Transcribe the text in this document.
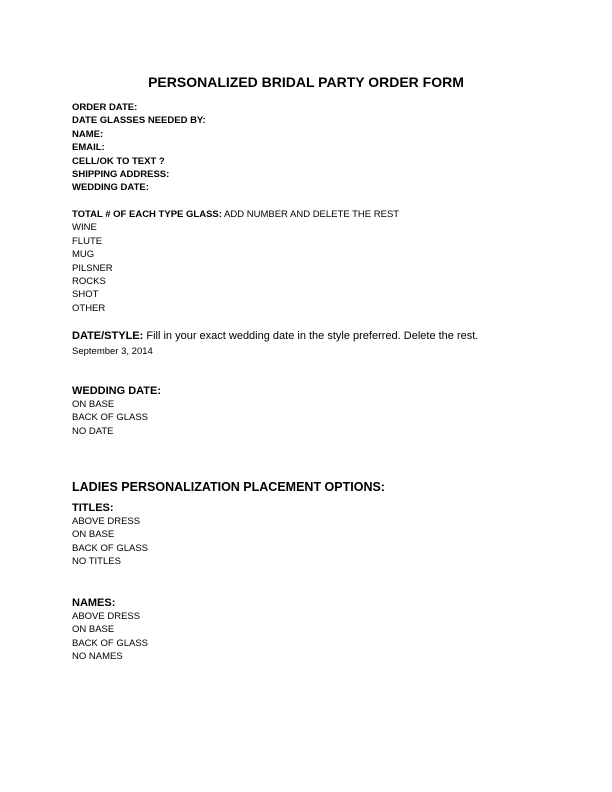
PERSONALIZED BRIDAL PARTY ORDER FORM
ORDER DATE:
DATE GLASSES NEEDED BY:
NAME:
EMAIL:
CELL/OK TO TEXT ?
SHIPPING ADDRESS:
WEDDING DATE:
TOTAL # OF EACH TYPE GLASS: ADD NUMBER AND DELETE THE REST
WINE
FLUTE
MUG
PILSNER
ROCKS
SHOT
OTHER
DATE/STYLE: Fill in your exact wedding date in the style preferred. Delete the rest.
September 3, 2014
WEDDING DATE:
ON BASE
BACK OF GLASS
NO DATE
LADIES PERSONALIZATION PLACEMENT OPTIONS:
TITLES:
ABOVE DRESS
ON BASE
BACK OF GLASS
NO TITLES
NAMES:
ABOVE DRESS
ON BASE
BACK OF GLASS
NO NAMES
